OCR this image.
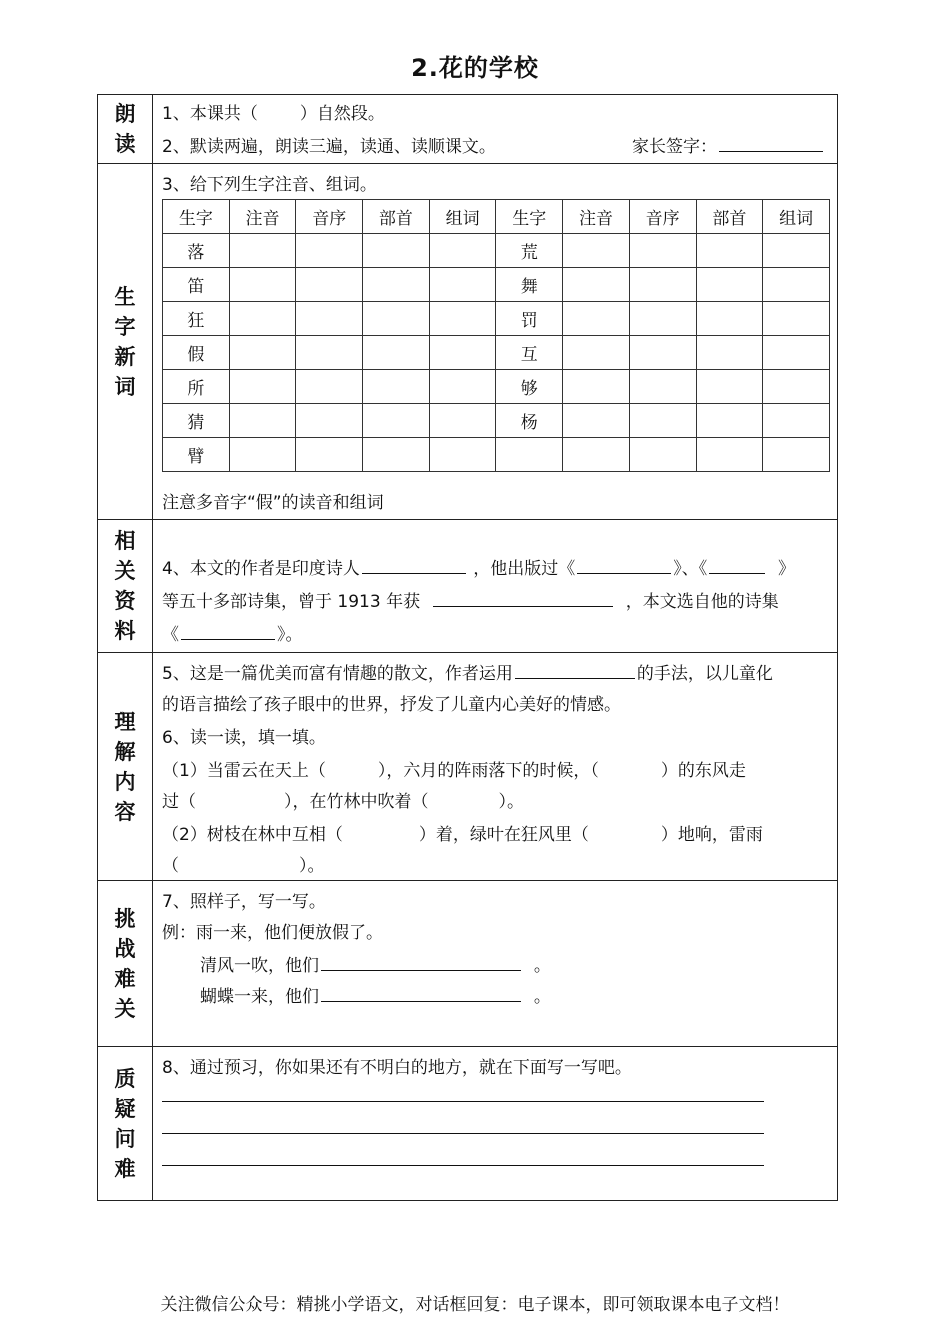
2.花的学校
朗读
1、本课共（ ）自然段。
2、默读两遍，朗读三遍，读通、读顺课文。	家长签字：
生字新词
3、给下列生字注音、组词。
生字	注音	音序	部首	组词	生字	注音	音序	部首	组词
落					荒				
笛					舞				
狂					罚				
假					互				
所					够				
猜					杨				
臂									
注意多音字“假”的读音和组词
相关资料
4、本文的作者是印度诗人	，他出版过《	》、《	》
等五十多部诗集，曾于 1913 年获	，本文选自他的诗集
《	》。
理解内容
5、这是一篇优美而富有情趣的散文，作者运用	的手法，以儿童化
的语言描绘了孩子眼中的世界，抒发了儿童内心美好的情感。
6、读一读，填一填。
（1）当雷云在天上（	），六月的阵雨落下的时候，（	）的东风走
过（	），在竹林中吹着（	）。
（2）树枝在林中互相（	）着，绿叶在狂风里（	）地响，雷雨
（	）。
挑战难关
7、照样子，写一写。
例：雨一来，他们便放假了。
清风一吹，他们	。
蝴蝶一来，他们	。
质疑问难
8、通过预习，你如果还有不明白的地方，就在下面写一写吧。
关注微信公众号：精挑小学语文，对话框回复：电子课本，即可领取课本电子文档！
